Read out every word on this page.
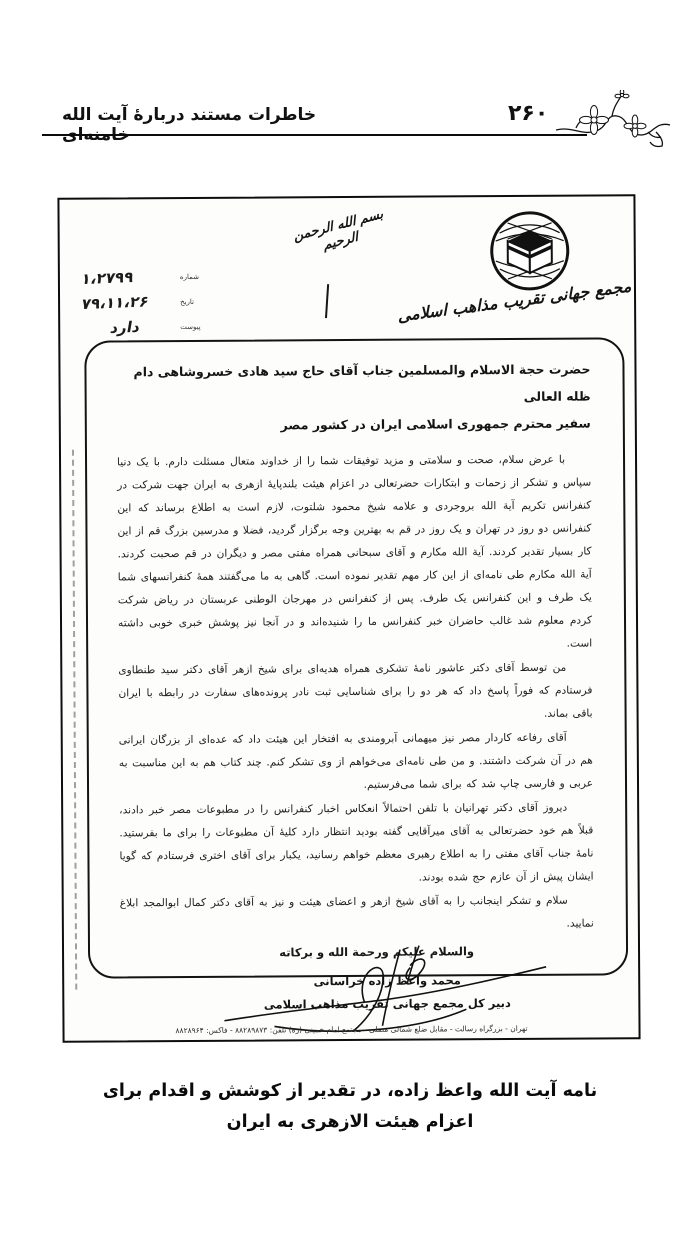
خاطرات مستند دربارهٔ آیت الله خامنه‌ای
۲۶۰
بسم الله الرحمن الرحیم
مجمع جهانی تقریب مذاهب اسلامی
۱،۲۷۹۹	شماره
۷۹،۱۱،۲۶	تاریخ
دارد	پیوست
حضرت حجة الاسلام والمسلمین جناب آقای حاج سید هادی خسروشاهی دام ظله العالی
سفیر محترم جمهوری اسلامی ایران در کشور مصر

با عرض سلام، صحت و سلامتی و مزید توفیقات شما را از خداوند متعال مسئلت دارم. با یک دنیا سپاس و تشکر از زحمات و ابتکارات حضرتعالی در اعزام هیئت بلندپایهٔ ازهری به ایران جهت شرکت در کنفرانس تکریم آیة الله بروجردی و علامه شیخ محمود شلتوت، لازم است به اطلاع برساند که این کنفرانس دو روز در تهران و یک روز در قم به بهترین وجه برگزار گردید، فضلا و مدرسین بزرگ قم از این کار بسیار تقدیر کردند. آیة الله مکارم و آقای سبحانی همراه مفتی مصر و دیگران در قم صحبت کردند. آیة الله مکارم طی نامه‌ای از این کار مهم تقدیر نموده است. گاهی به ما می‌گفتند همهٔ کنفرانسهای شما یک طرف و این کنفرانس یک طرف. پس از کنفرانس در مهرجان الوطنی عربستان در ریاض شرکت کردم معلوم شد غالب حاضران خبر کنفرانس ما را شنیده‌اند و در آنجا نیز پوشش خبری خوبی داشته است.

من توسط آقای دکتر عاشور نامهٔ تشکری همراه هدیه‌ای برای شیخ ازهر آقای دکتر سید طنطاوی فرستادم که فوراً پاسخ داد که هر دو را برای شناسایی ثبت نادر پرونده‌های سفارت در رابطه با ایران باقی بماند.

آقای رفاعه کاردار مصر نیز میهمانی آبرومندی به افتخار این هیئت داد که عده‌ای از بزرگان ایرانی هم در آن شرکت داشتند. و من طی نامه‌ای می‌خواهم از وی تشکر کنم. چند کتاب هم به این مناسبت به عربی و فارسی چاپ شد که برای شما می‌فرستیم.

دیروز آقای دکتر تهرانیان با تلفن احتمالاً انعکاس اخبار کنفرانس را در مطبوعات مصر خبر دادند، قبلاً هم خود حضرتعالی به آقای میرآقایی گفته بودید انتظار دارد کلیهٔ آن مطبوعات را برای ما بفرستید. نامهٔ جناب آقای مفتی را به اطلاع رهبری معظم خواهم رسانید، یکبار برای آقای اختری فرستادم که گویا ایشان پیش از آن عازم حج شده بودند.

سلام و تشکر اینجانب را به آقای شیخ ازهر و اعضای هیئت و نیز به آقای دکتر کمال ابوالمجد ابلاغ نمایید.

والسلام علیکم ورحمة الله و برکاته
محمد واعظ زاده خراسانی
دبیر کل مجمع جهانی تقریب مذاهب اسلامی
تهران - بزرگراه رسالت - مقابل ضلع شمالی مصلی - مجتمع امام خمینی (ره) تلفن: ۸۸۲۸۹۸۷۳ - فاکس: ۸۸۲۸۹۶۴
نامه آیت الله واعظ زاده، در تقدیر از کوشش و اقدام برای
اعزام هیئت الازهری به ایران
